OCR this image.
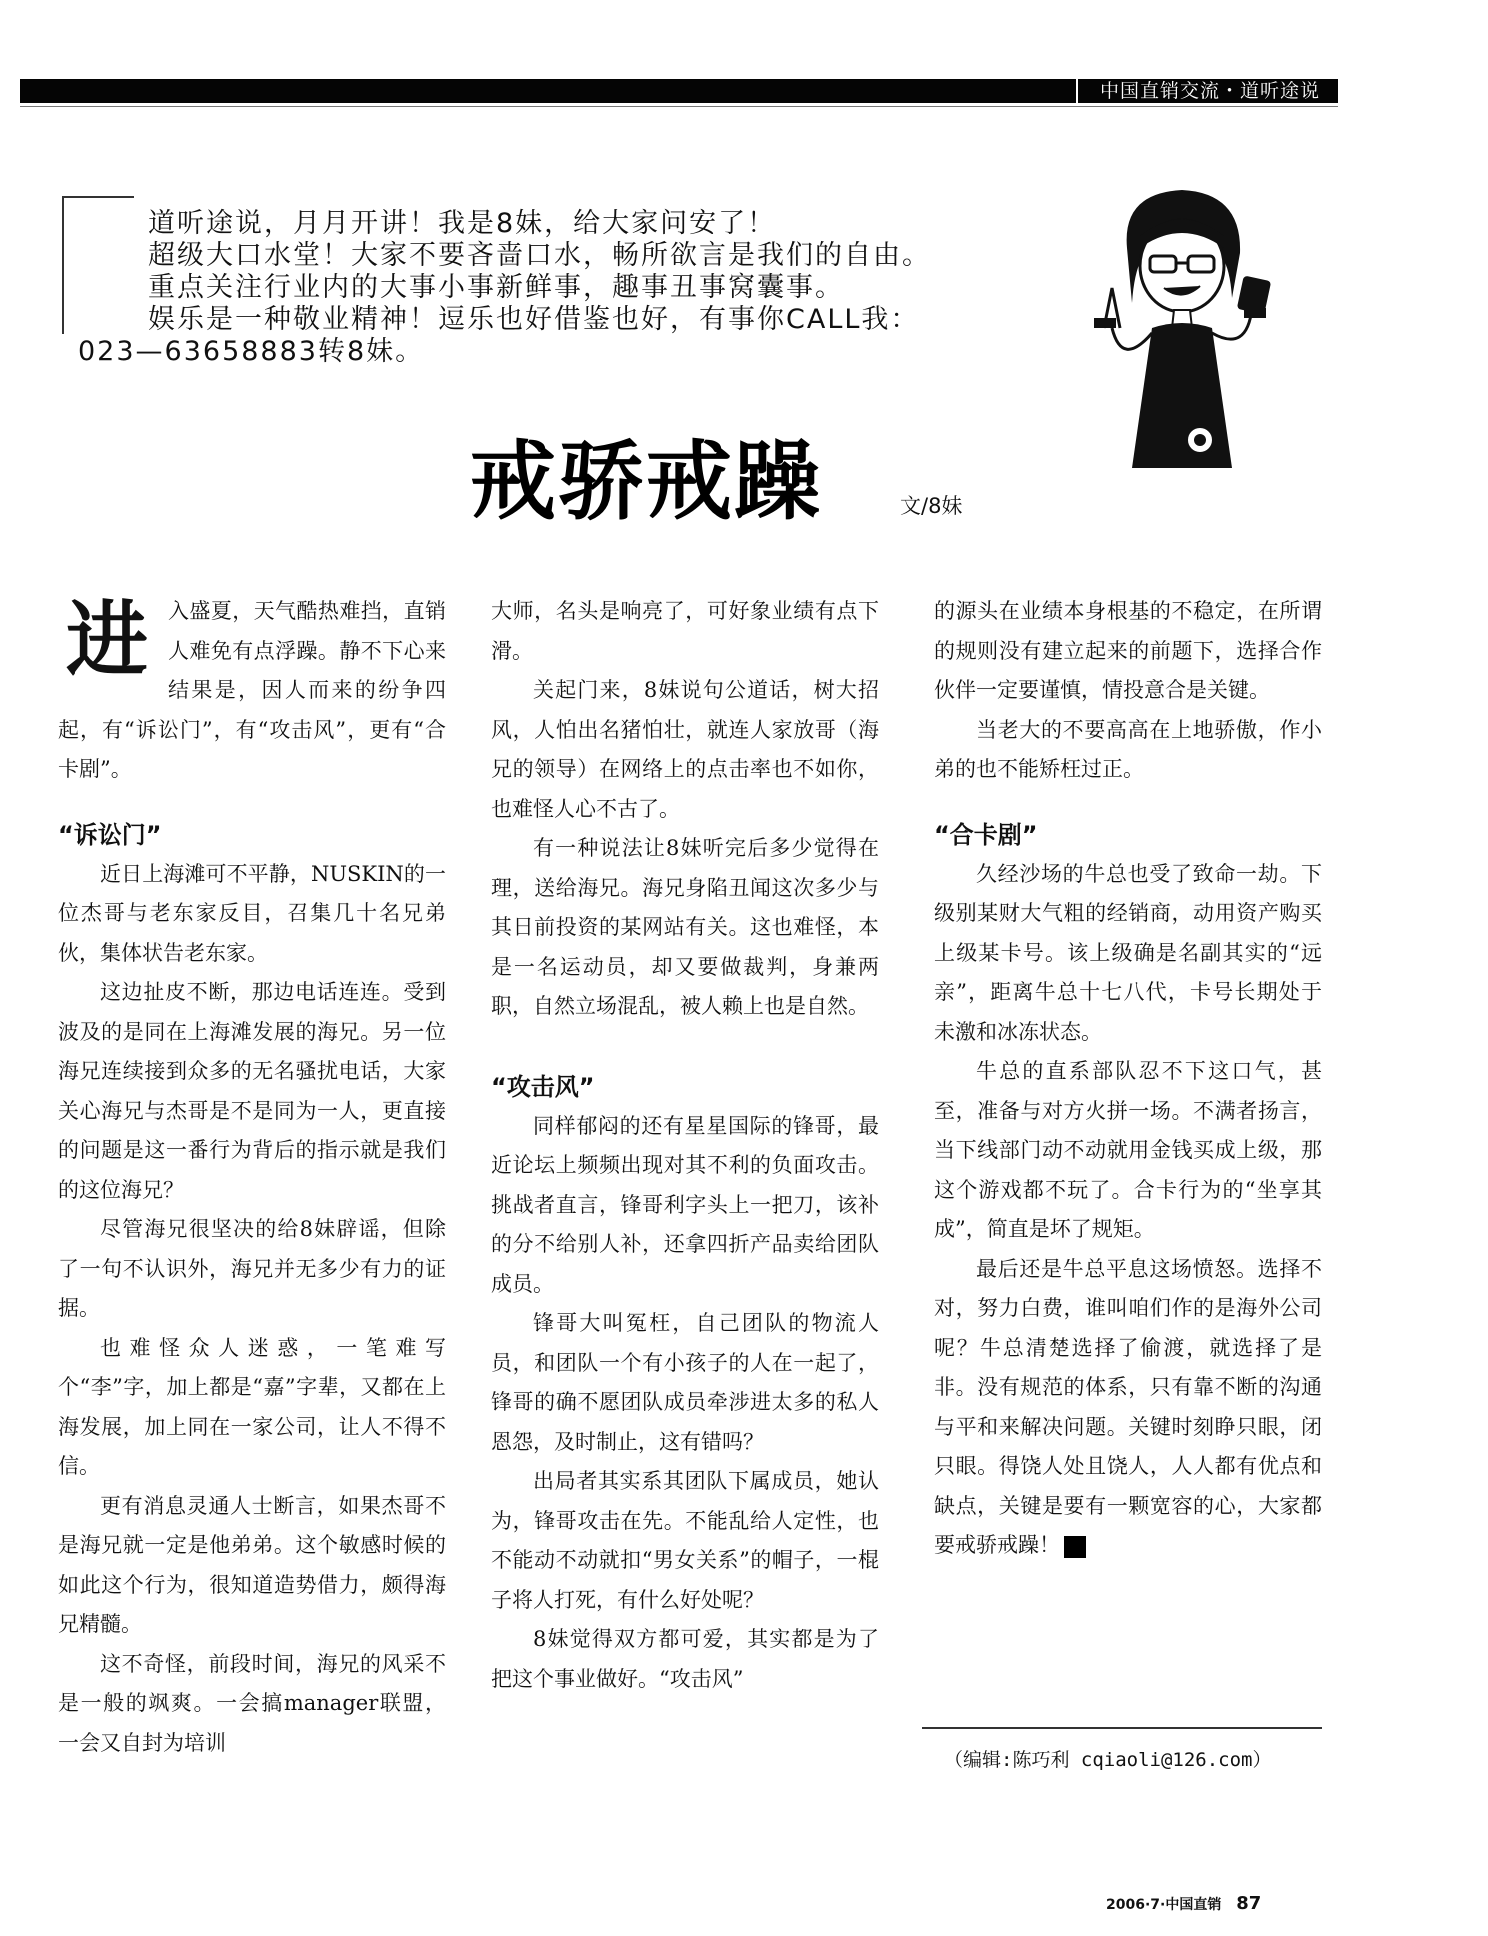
中国直销交流・道听途说
道听途说，月月开讲！我是8妹，给大家问安了！
超级大口水堂！大家不要吝啬口水，畅所欲言是我们的自由。
重点关注行业内的大事小事新鲜事，趣事丑事窝囊事。
娱乐是一种敬业精神！逗乐也好借鉴也好，有事你CALL我：
023—63658883转8妹。
戒骄戒躁	文/8妹

进入盛夏，天气酷热难挡，直销人难免有点浮躁。静不下心来结果是，因人而来的纷争四起，有“诉讼门”，有“攻击风”，更有“合卡剧”。

“诉讼门”

近日上海滩可不平静，NUSKIN的一位杰哥与老东家反目，召集几十名兄弟伙，集体状告老东家。

这边扯皮不断，那边电话连连。受到波及的是同在上海滩发展的海兄。另一位海兄连续接到众多的无名骚扰电话，大家关心海兄与杰哥是不是同为一人，更直接的问题是这一番行为背后的指示就是我们的这位海兄？

尽管海兄很坚决的给8妹辟谣，但除了一句不认识外，海兄并无多少有力的证据。

也难怪众人迷惑，一笔难写个“李”字，加上都是“嘉”字辈，又都在上海发展，加上同在一家公司，让人不得不信。

更有消息灵通人士断言，如果杰哥不是海兄就一定是他弟弟。这个敏感时候的如此这个行为，很知道造势借力，颇得海兄精髓。

这不奇怪，前段时间，海兄的风采不是一般的飒爽。一会搞manager联盟，一会又自封为培训

大师，名头是响亮了，可好象业绩有点下滑。

关起门来，8妹说句公道话，树大招风，人怕出名猪怕壮，就连人家放哥（海兄的领导）在网络上的点击率也不如你，也难怪人心不古了。

有一种说法让8妹听完后多少觉得在理，送给海兄。海兄身陷丑闻这次多少与其日前投资的某网站有关。这也难怪，本是一名运动员，却又要做裁判，身兼两职，自然立场混乱，被人赖上也是自然。

“攻击风”

同样郁闷的还有星星国际的锋哥，最近论坛上频频出现对其不利的负面攻击。挑战者直言，锋哥利字头上一把刀，该补的分不给别人补，还拿四折产品卖给团队成员。

锋哥大叫冤枉，自己团队的物流人员，和团队一个有小孩子的人在一起了，锋哥的确不愿团队成员牵涉进太多的私人恩怨，及时制止，这有错吗？

出局者其实系其团队下属成员，她认为，锋哥攻击在先。不能乱给人定性，也不能动不动就扣“男女关系”的帽子，一棍子将人打死，有什么好处呢？

8妹觉得双方都可爱，其实都是为了把这个事业做好。“攻击风”

的源头在业绩本身根基的不稳定，在所谓的规则没有建立起来的前题下，选择合作伙伴一定要谨慎，情投意合是关键。

当老大的不要高高在上地骄傲，作小弟的也不能矫枉过正。

“合卡剧”

久经沙场的牛总也受了致命一劫。下级别某财大气粗的经销商，动用资产购买上级某卡号。该上级确是名副其实的“远亲”，距离牛总十七八代，卡号长期处于未激和冰冻状态。

牛总的直系部队忍不下这口气，甚至，准备与对方火拼一场。不满者扬言，当下线部门动不动就用金钱买成上级，那这个游戏都不玩了。合卡行为的“坐享其成”，简直是坏了规矩。

最后还是牛总平息这场愤怒。选择不对，努力白费，谁叫咱们作的是海外公司呢？牛总清楚选择了偷渡，就选择了是非。没有规范的体系，只有靠不断的沟通与平和来解决问题。关键时刻睁只眼，闭只眼。得饶人处且饶人，人人都有优点和缺点，关键是要有一颗宽容的心，大家都要戒骄戒躁！	直

（编辑:陈巧利 cqiaoli@126.com）
2006·7·中国直销 87
